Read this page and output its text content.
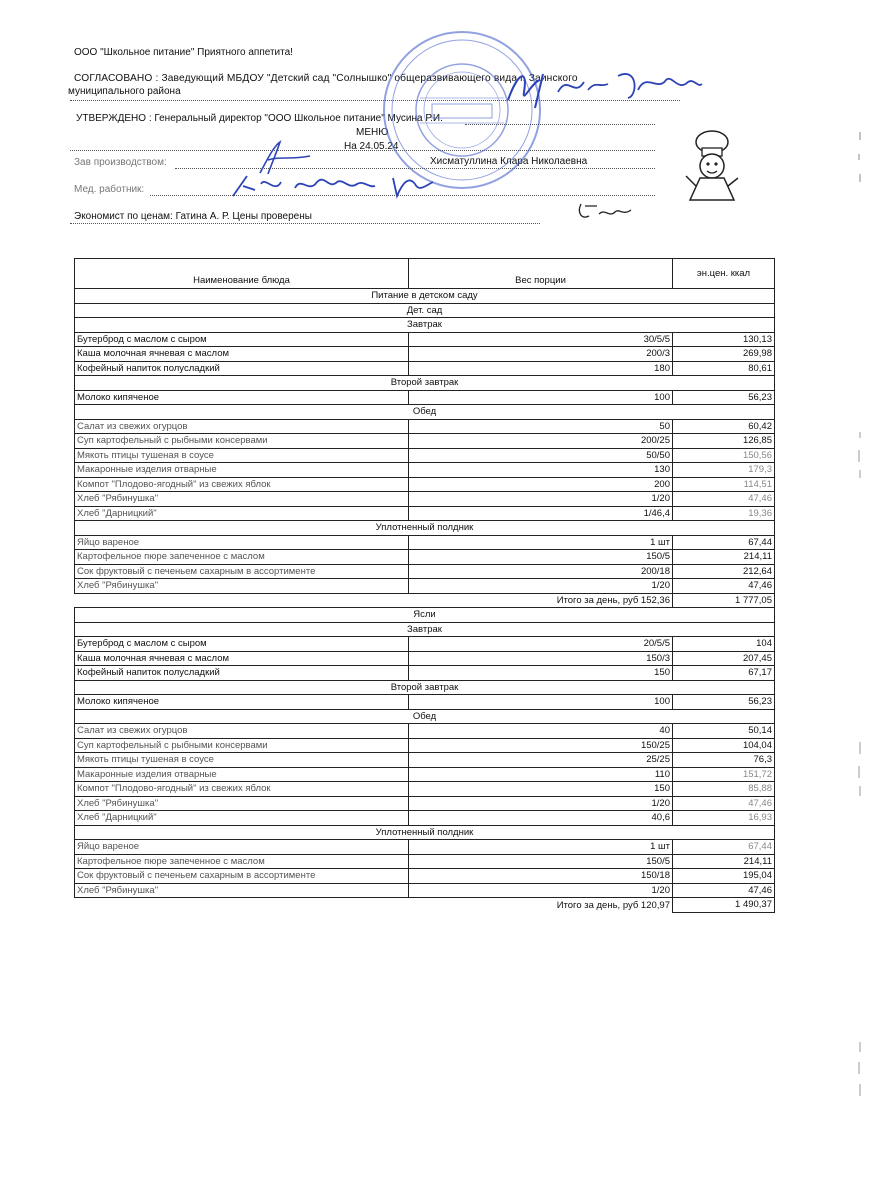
ООО "Школьное питание" Приятного аппетита!
СОГЛАСОВАНО : Заведующий МБДОУ "Детский сад "Солнышко" общеразвивающего вида г. Заинского
муниципального района
УТВЕРЖДЕНО : Генеральный директор "ООО Школьное питание" Мусина Р.И.
МЕНЮ
На 24.05.24
Зав производством:	Хисматуллина Клара Николаевна
Мед. работник:
Экономист по ценам: Гатина А. Р. Цены проверены
Наименование блюда	Вес порции	эн.цен. ккал
Питание в детском саду		
Дет. сад		
Завтрак		
Бутерброд с маслом с сыром	30/5/5	130,13
Каша молочная ячневая с маслом	200/3	269,98
Кофейный напиток полусладкий	180	80,61
Второй завтрак		
Молоко кипяченое	100	56,23
Обед		
Салат из свежих огурцов	50	60,42
Суп картофельный с рыбными консервами	200/25	126,85
Мякоть птицы тушеная в соусе	50/50	150,56
Макаронные изделия отварные	130	179,3
Компот "Плодово-ягодный" из свежих яблок	200	114,51
Хлеб "Рябинушка"	1/20	47,46
Хлеб "Дарницкий"	1/46,4	19,36
Уплотненный полдник		
Яйцо вареное	1 шт	67,44
Картофельное пюре запеченное с маслом	150/5	214,11
Сок фруктовый с печеньем сахарным в ассортименте	200/18	212,64
Хлеб "Рябинушка"	1/20	47,46
Итого за день, руб 152,36		1 777,05
Ясли		
Завтрак		
Бутерброд с маслом с сыром	20/5/5	104
Каша молочная ячневая с маслом	150/3	207,45
Кофейный напиток полусладкий	150	67,17
Второй завтрак		
Молоко кипяченое	100	56,23
Обед		
Салат из свежих огурцов	40	50,14
Суп картофельный с рыбными консервами	150/25	104,04
Мякоть птицы тушеная в соусе	25/25	76,3
Макаронные изделия отварные	110	151,72
Компот "Плодово-ягодный" из свежих яблок	150	85,88
Хлеб "Рябинушка"	1/20	47,46
Хлеб "Дарницкий"	40,6	16,93
Уплотненный полдник		
Яйцо вареное	1 шт	67,44
Картофельное пюре запеченное с маслом	150/5	214,11
Сок фруктовый с печеньем сахарным в ассортименте	150/18	195,04
Хлеб "Рябинушка"	1/20	47,46
Итого за день, руб 120,97		1 490,37
